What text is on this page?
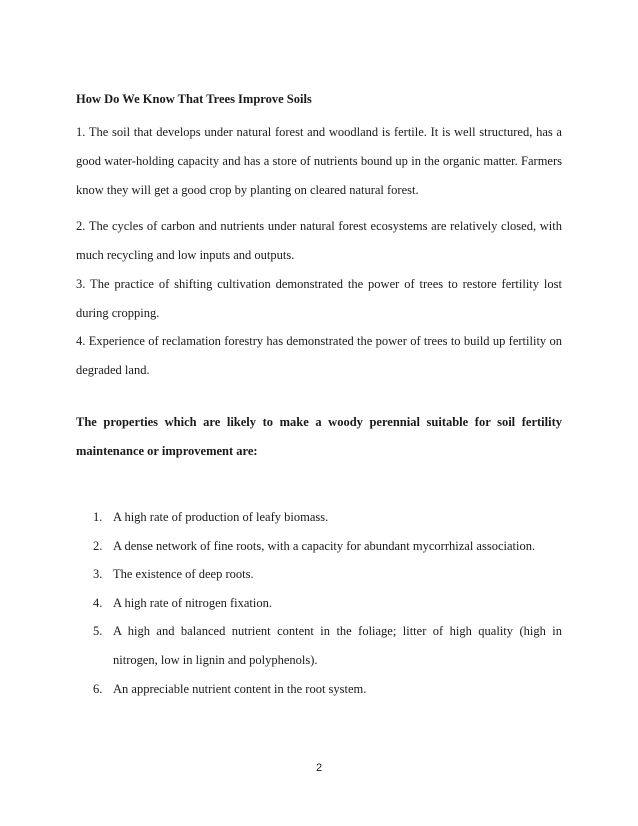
How Do We Know That Trees Improve Soils
1. The soil that develops under natural forest and woodland is fertile. It is well structured, has a good water-holding capacity and has a store of nutrients bound up in the organic matter. Farmers know they will get a good crop by planting on cleared natural forest.
2. The cycles of carbon and nutrients under natural forest ecosystems are relatively closed, with much recycling and low inputs and outputs.
3. The practice of shifting cultivation demonstrated the power of trees to restore fertility lost during cropping.
4. Experience of reclamation forestry has demonstrated the power of trees to build up fertility on degraded land.
The properties which are likely to make a woody perennial suitable for soil fertility maintenance or improvement are:
1. A high rate of production of leafy biomass.
2. A dense network of fine roots, with a capacity for abundant mycorrhizal association.
3. The existence of deep roots.
4. A high rate of nitrogen fixation.
5. A high and balanced nutrient content in the foliage; litter of high quality (high in nitrogen, low in lignin and polyphenols).
6. An appreciable nutrient content in the root system.
2
